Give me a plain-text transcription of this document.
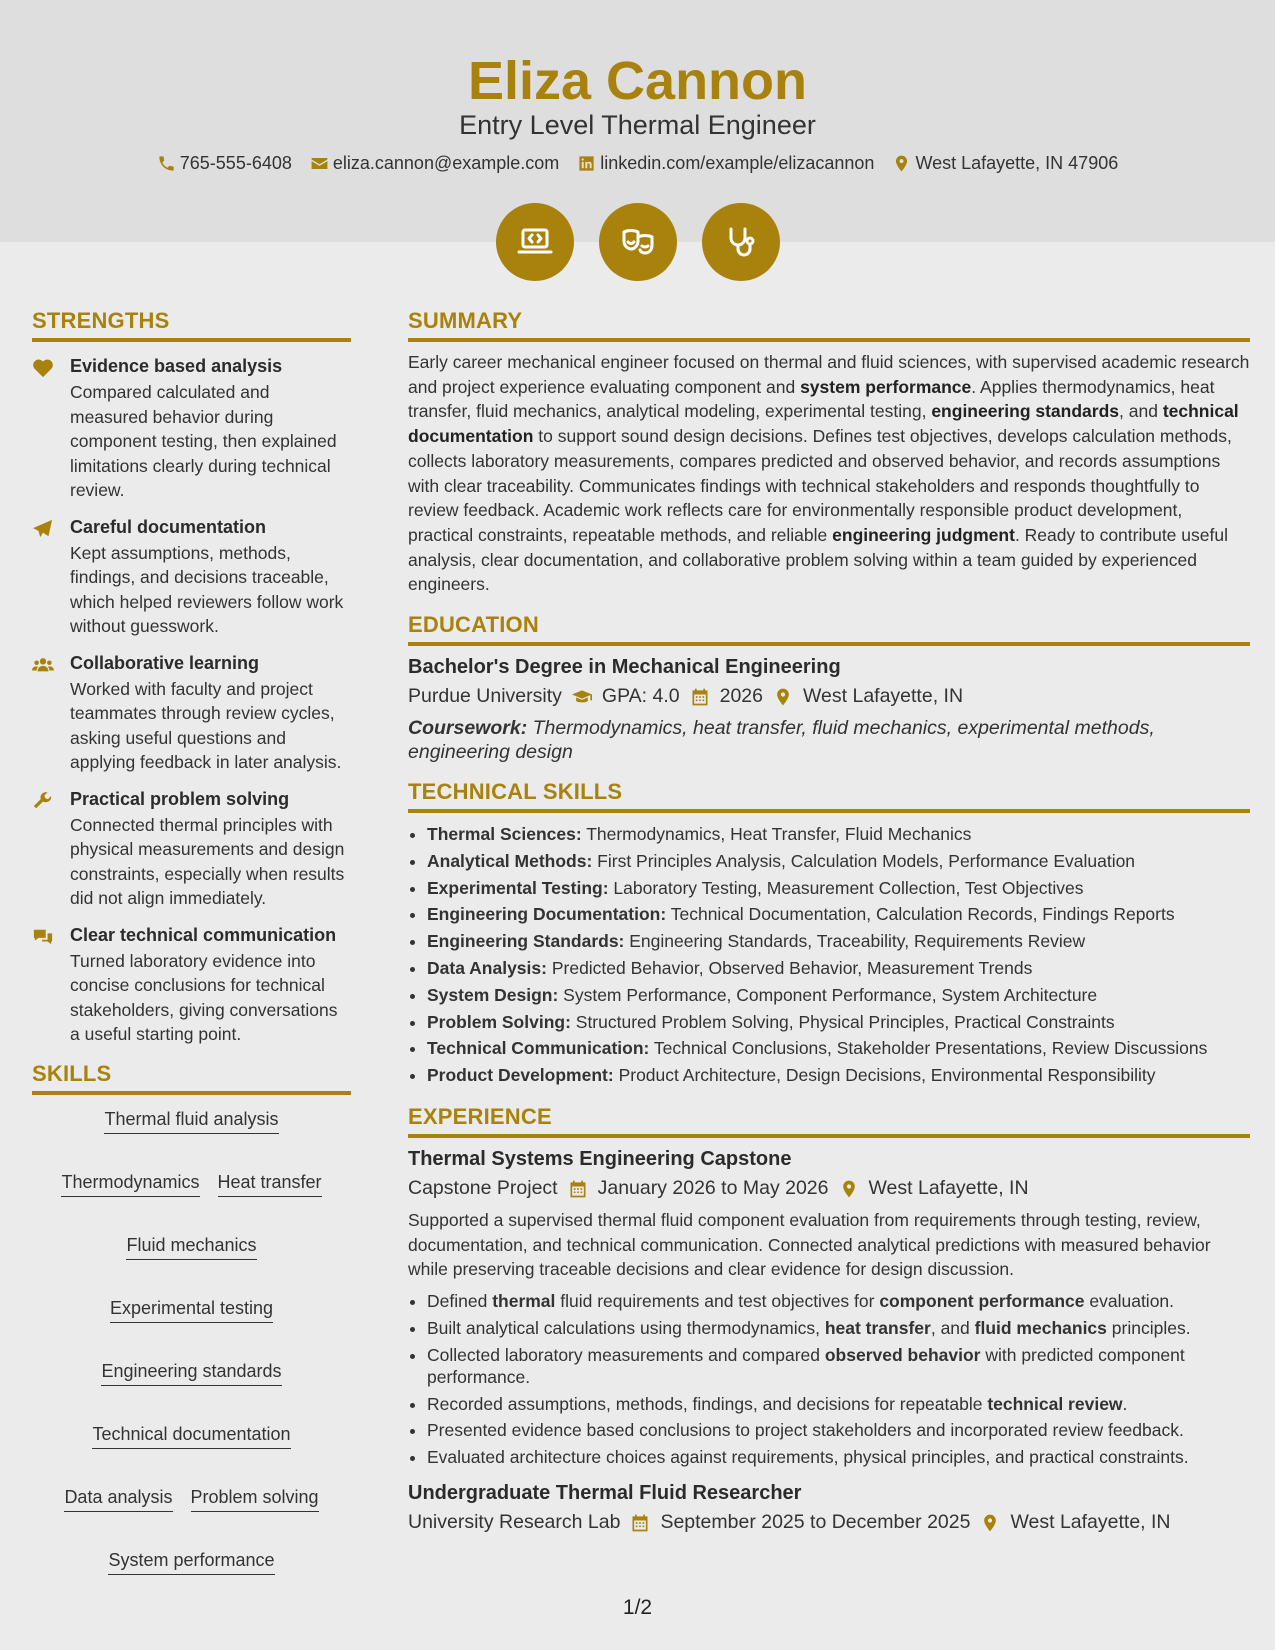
Eliza Cannon
Entry Level Thermal Engineer
765-555-6408 eliza.cannon@example.com linkedin.com/example/elizacannon West Lafayette, IN 47906
STRENGTHS
Evidence based analysis
Compared calculated and measured behavior during component testing, then explained limitations clearly during technical review.
Careful documentation
Kept assumptions, methods, findings, and decisions traceable, which helped reviewers follow work without guesswork.
Collaborative learning
Worked with faculty and project teammates through review cycles, asking useful questions and applying feedback in later analysis.
Practical problem solving
Connected thermal principles with physical measurements and design constraints, especially when results did not align immediately.
Clear technical communication
Turned laboratory evidence into concise conclusions for technical stakeholders, giving conversations a useful starting point.
SKILLS
Thermal fluid analysis
Thermodynamics Heat transfer
Fluid mechanics
Experimental testing
Engineering standards
Technical documentation
Data analysis Problem solving
System performance
SUMMARY

Early career mechanical engineer focused on thermal and fluid sciences, with supervised academic research and project experience evaluating component and system performance. Applies thermodynamics, heat transfer, fluid mechanics, analytical modeling, experimental testing, engineering standards, and technical documentation to support sound design decisions. Defines test objectives, develops calculation methods, collects laboratory measurements, compares predicted and observed behavior, and records assumptions with clear traceability. Communicates findings with technical stakeholders and responds thoughtfully to review feedback. Academic work reflects care for environmentally responsible product development, practical constraints, repeatable methods, and reliable engineering judgment. Ready to contribute useful analysis, clear documentation, and collaborative problem solving within a team guided by experienced engineers.

EDUCATION
Bachelor's Degree in Mechanical Engineering
Purdue University GPA: 4.0 2026 West Lafayette, IN
Coursework: Thermodynamics, heat transfer, fluid mechanics, experimental methods, engineering design
TECHNICAL SKILLS
• Thermal Sciences: Thermodynamics, Heat Transfer, Fluid Mechanics
• Analytical Methods: First Principles Analysis, Calculation Models, Performance Evaluation
• Experimental Testing: Laboratory Testing, Measurement Collection, Test Objectives
• Engineering Documentation: Technical Documentation, Calculation Records, Findings Reports
• Engineering Standards: Engineering Standards, Traceability, Requirements Review
• Data Analysis: Predicted Behavior, Observed Behavior, Measurement Trends
• System Design: System Performance, Component Performance, System Architecture
• Problem Solving: Structured Problem Solving, Physical Principles, Practical Constraints
• Technical Communication: Technical Conclusions, Stakeholder Presentations, Review Discussions
• Product Development: Product Architecture, Design Decisions, Environmental Responsibility
EXPERIENCE
Thermal Systems Engineering Capstone
Capstone Project January 2026 to May 2026 West Lafayette, IN

Supported a supervised thermal fluid component evaluation from requirements through testing, review, documentation, and technical communication. Connected analytical predictions with measured behavior while preserving traceable decisions and clear evidence for design discussion.

• Defined thermal fluid requirements and test objectives for component performance evaluation.
• Built analytical calculations using thermodynamics, heat transfer, and fluid mechanics principles.
• Collected laboratory measurements and compared observed behavior with predicted component performance.
• Recorded assumptions, methods, findings, and decisions for repeatable technical review.
• Presented evidence based conclusions to project stakeholders and incorporated review feedback.
• Evaluated architecture choices against requirements, physical principles, and practical constraints.
Undergraduate Thermal Fluid Researcher
University Research Lab September 2025 to December 2025 West Lafayette, IN
1/2
